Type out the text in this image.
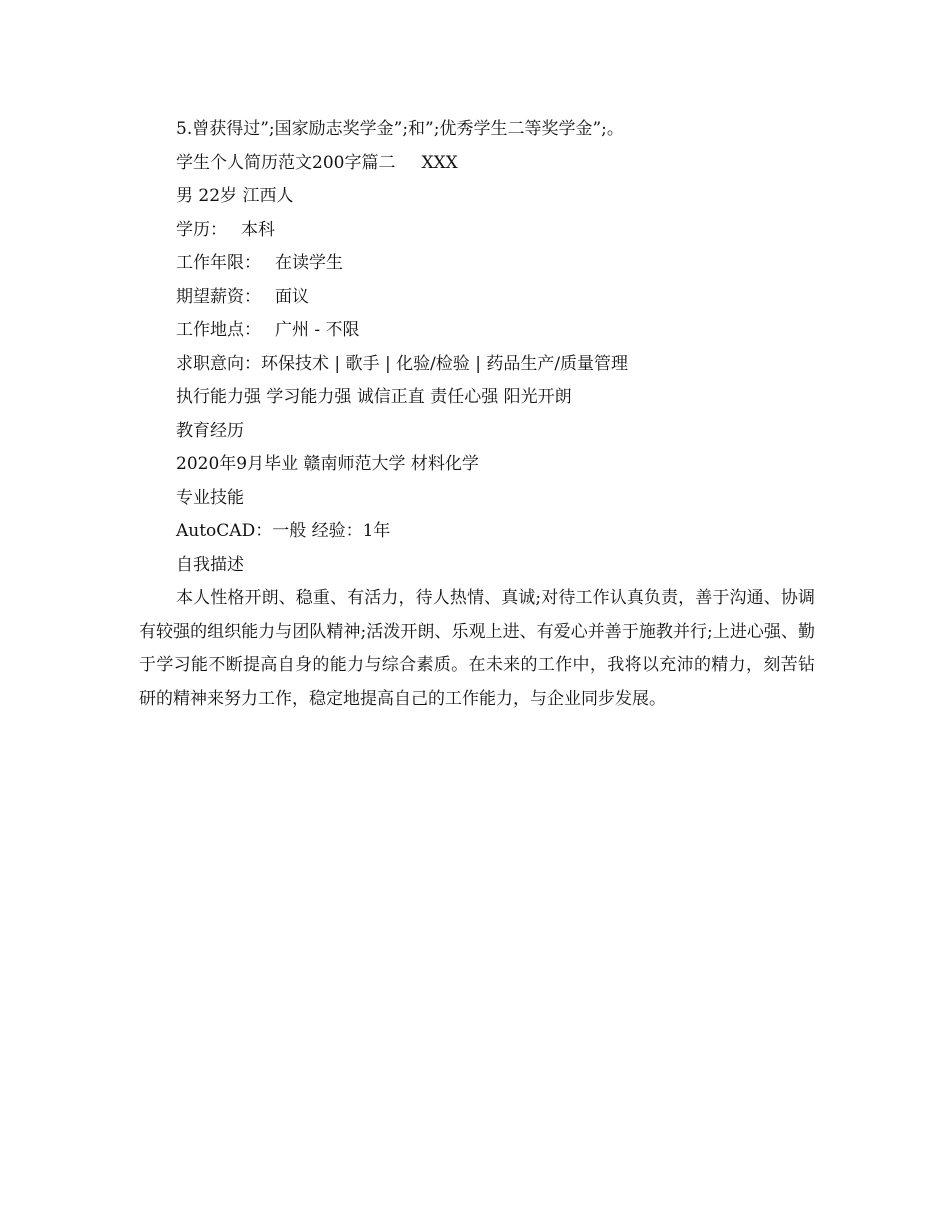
5.曾获得过”;国家励志奖学金”;和”;优秀学生二等奖学金”;。
学生个人简历范文200字篇二 XXX
男 22岁 江西人
学历： 本科
工作年限： 在读学生
期望薪资： 面议
工作地点： 广州 - 不限
求职意向：环保技术 | 歌手 | 化验/检验 | 药品生产/质量管理
执行能力强 学习能力强 诚信正直 责任心强 阳光开朗
教育经历
2020年9月毕业 赣南师范大学 材料化学
专业技能
AutoCAD：一般 经验：1年
自我描述

本人性格开朗、稳重、有活力，待人热情、真诚;对待工作认真负责，善于沟通、协调有较强的组织能力与团队精神;活泼开朗、乐观上进、有爱心并善于施教并行;上进心强、勤于学习能不断提高自身的能力与综合素质。在未来的工作中，我将以充沛的精力，刻苦钻研的精神来努力工作，稳定地提高自己的工作能力，与企业同步发展。
